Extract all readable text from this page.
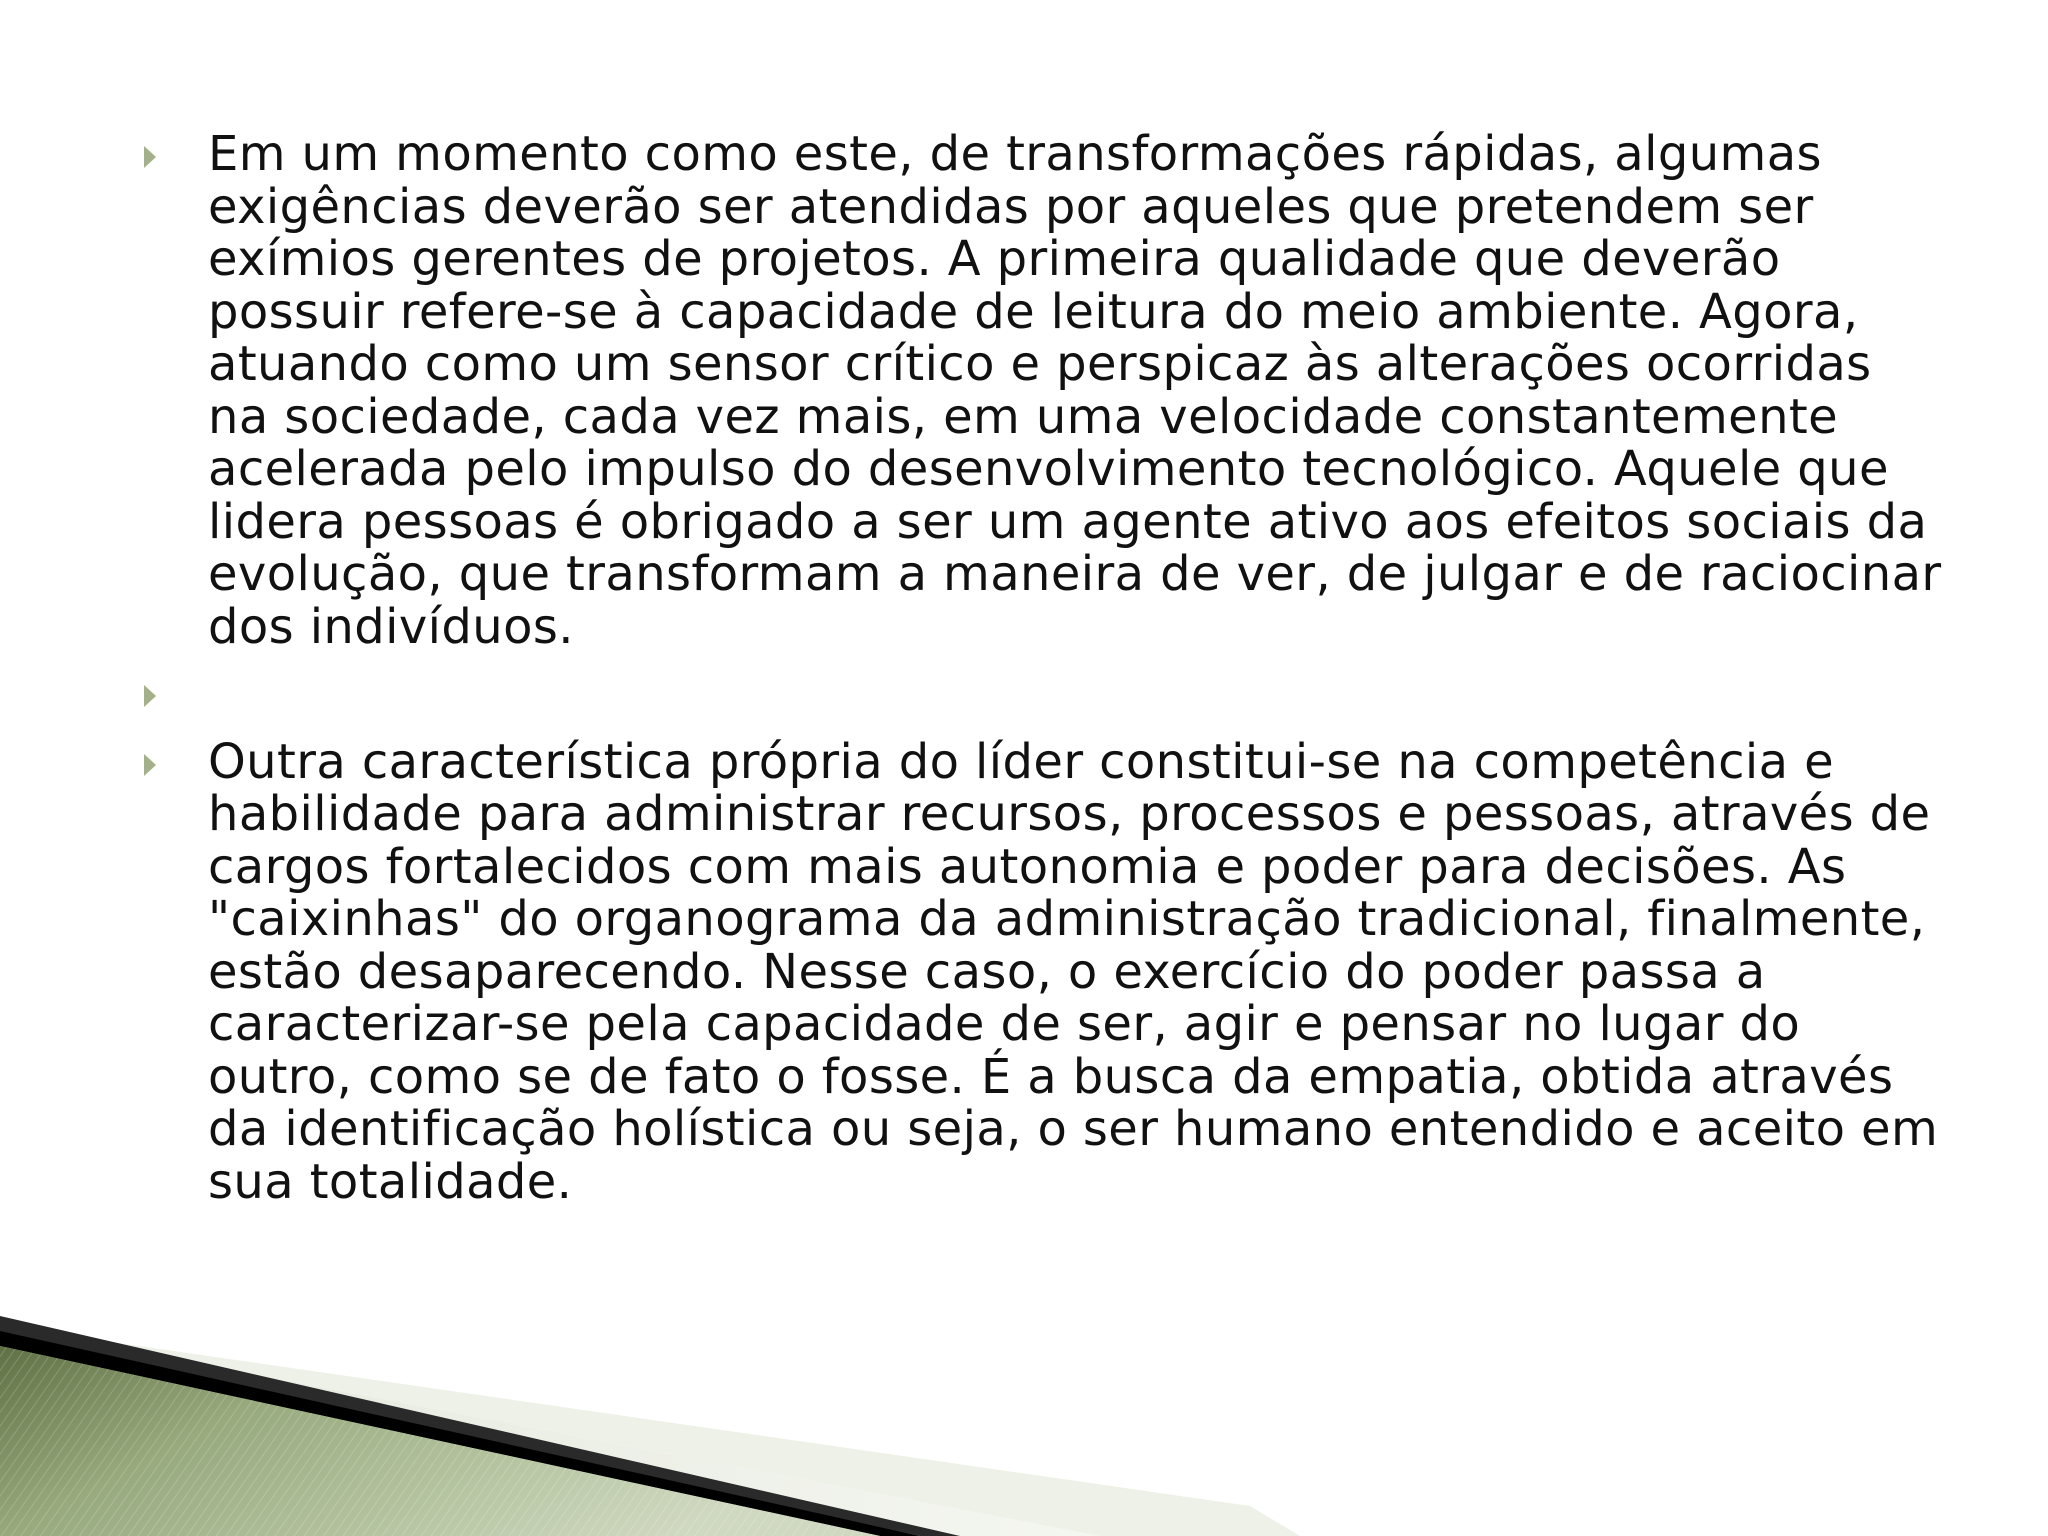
Em um momento como este, de transformações rápidas, algumas exigências deverão ser atendidas por aqueles que pretendem ser exímios gerentes de projetos. A primeira qualidade que deverão possuir refere-se à capacidade de leitura do meio ambiente. Agora, atuando como um sensor crítico e perspicaz às alterações ocorridas na sociedade, cada vez mais, em uma velocidade constantemente acelerada pelo impulso do desenvolvimento tecnológico. Aquele que lidera pessoas é obrigado a ser um agente ativo aos efeitos sociais da evolução, que transformam a maneira de ver, de julgar e de raciocinar dos indivíduos.

Outra característica própria do líder constitui-se na competência e habilidade para administrar recursos, processos e pessoas, através de cargos fortalecidos com mais autonomia e poder para decisões. As "caixinhas" do organograma da administração tradicional, finalmente, estão desaparecendo. Nesse caso, o exercício do poder passa a caracterizar-se pela capacidade de ser, agir e pensar no lugar do outro, como se de fato o fosse. É a busca da empatia, obtida através da identificação holística ou seja, o ser humano entendido e aceito em sua totalidade.
